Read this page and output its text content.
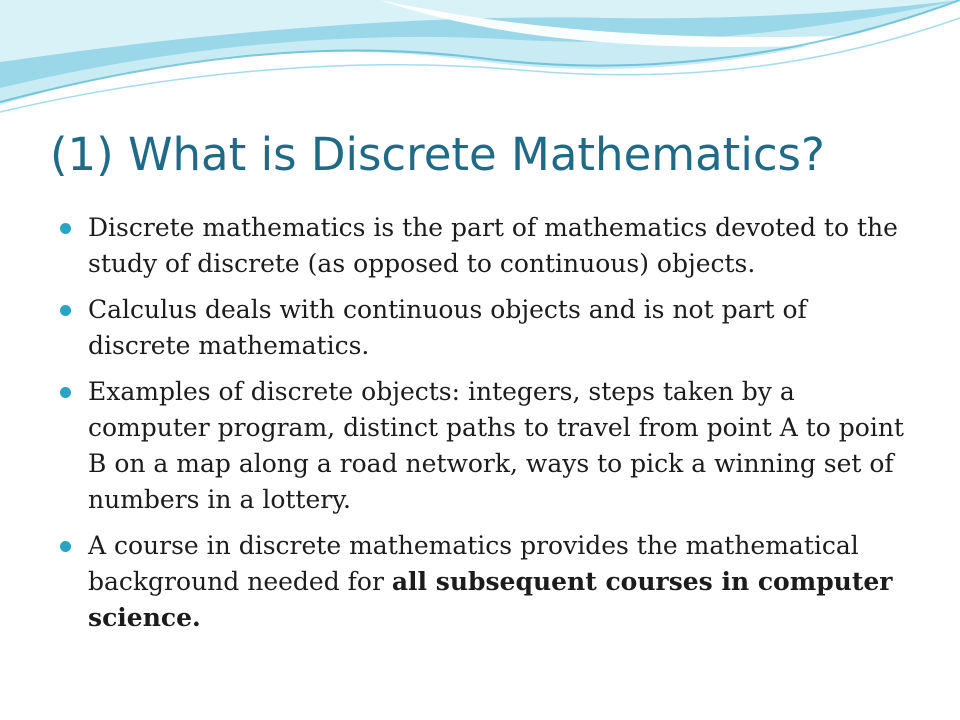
(1) What is Discrete Mathematics?
Discrete mathematics is the part of mathematics devoted to the study of discrete (as opposed to continuous) objects.
Calculus deals with continuous objects and is not part of discrete mathematics.
Examples of discrete objects: integers, steps taken by a computer program, distinct paths to travel from point A to point B on a map along a road network, ways to pick a winning set of numbers in a lottery.
A course in discrete mathematics provides the mathematical background needed for all subsequent courses in computer science.
